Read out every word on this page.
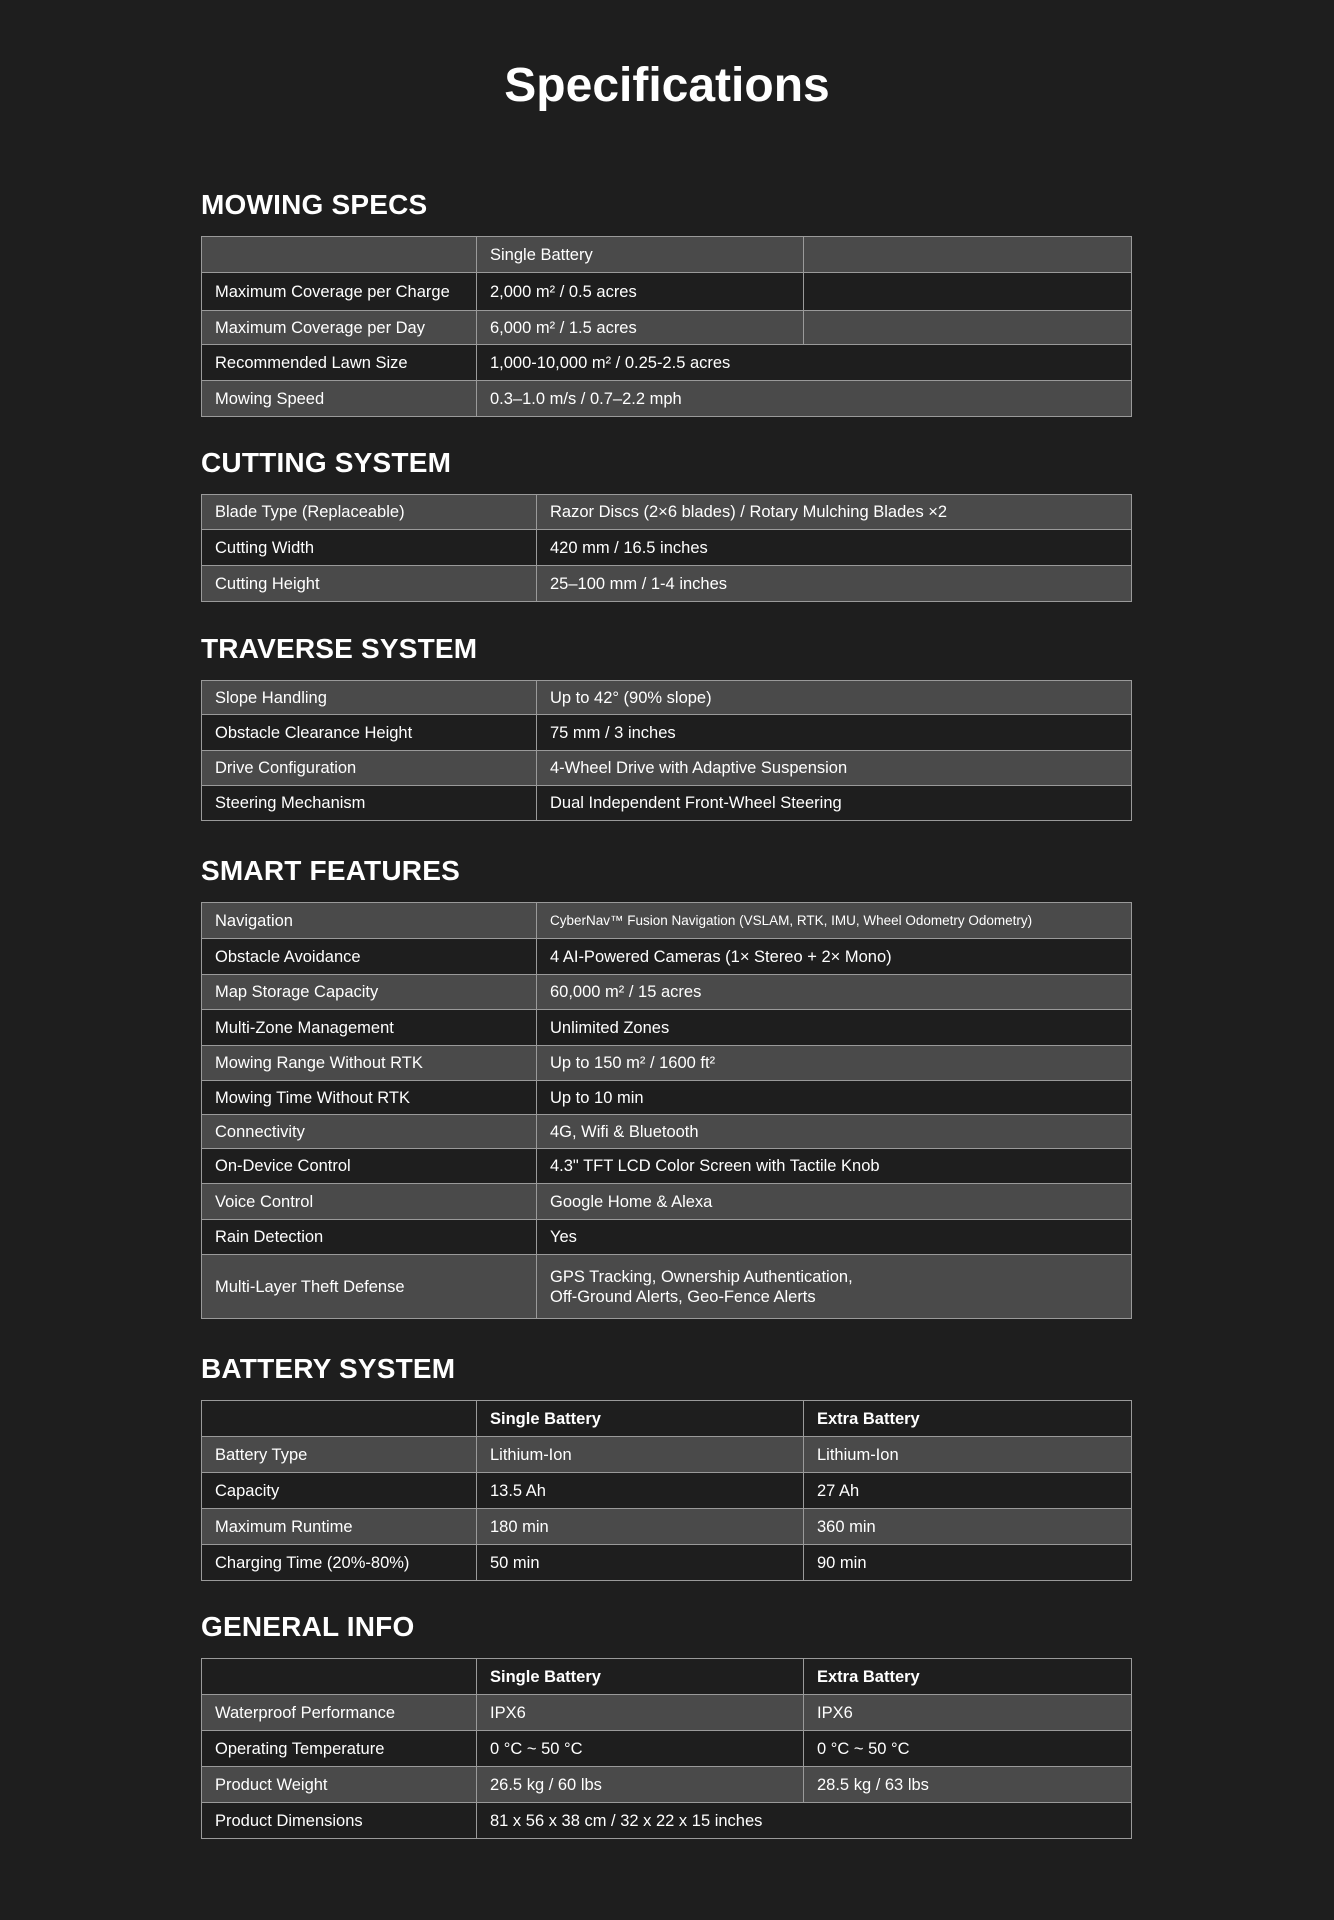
Specifications
MOWING SPECS
	Single Battery	
Maximum Coverage per Charge	2,000 m² / 0.5 acres	
Maximum Coverage per Day	6,000 m² / 1.5 acres	
Recommended Lawn Size	1,000-10,000 m² / 0.25-2.5 acres	
Mowing Speed	0.3–1.0 m/s / 0.7–2.2 mph	
CUTTING SYSTEM
Blade Type (Replaceable)	Razor Discs (2×6 blades) / Rotary Mulching Blades ×2
Cutting Width	420 mm / 16.5 inches
Cutting Height	25–100 mm / 1-4 inches
TRAVERSE SYSTEM
Slope Handling	Up to 42° (90% slope)
Obstacle Clearance Height	75 mm / 3 inches
Drive Configuration	4-Wheel Drive with Adaptive Suspension
Steering Mechanism	Dual Independent Front-Wheel Steering
SMART FEATURES
Navigation	CyberNav™ Fusion Navigation (VSLAM, RTK, IMU, Wheel Odometry Odometry)
Obstacle Avoidance	4 AI-Powered Cameras (1× Stereo + 2× Mono)
Map Storage Capacity	60,000 m² / 15 acres
Multi-Zone Management	Unlimited Zones
Mowing Range Without RTK	Up to 150 m² / 1600 ft²
Mowing Time Without RTK	Up to 10 min
Connectivity	4G, Wifi & Bluetooth
On-Device Control	4.3" TFT LCD Color Screen with Tactile Knob
Voice Control	Google Home & Alexa
Rain Detection	Yes
Multi-Layer Theft Defense	GPS Tracking, Ownership Authentication,
Off-Ground Alerts, Geo-Fence Alerts
BATTERY SYSTEM
	Single Battery	Extra Battery
Battery Type	Lithium-Ion	Lithium-Ion
Capacity	13.5 Ah	27 Ah
Maximum Runtime	180 min	360 min
Charging Time (20%-80%)	50 min	90 min
GENERAL INFO
	Single Battery	Extra Battery
Waterproof Performance	IPX6	IPX6
Operating Temperature	0 °C ~ 50 °C	0 °C ~ 50 °C
Product Weight	26.5 kg / 60 lbs	28.5 kg / 63 lbs
Product Dimensions	81 x 56 x 38 cm / 32 x 22 x 15 inches	
